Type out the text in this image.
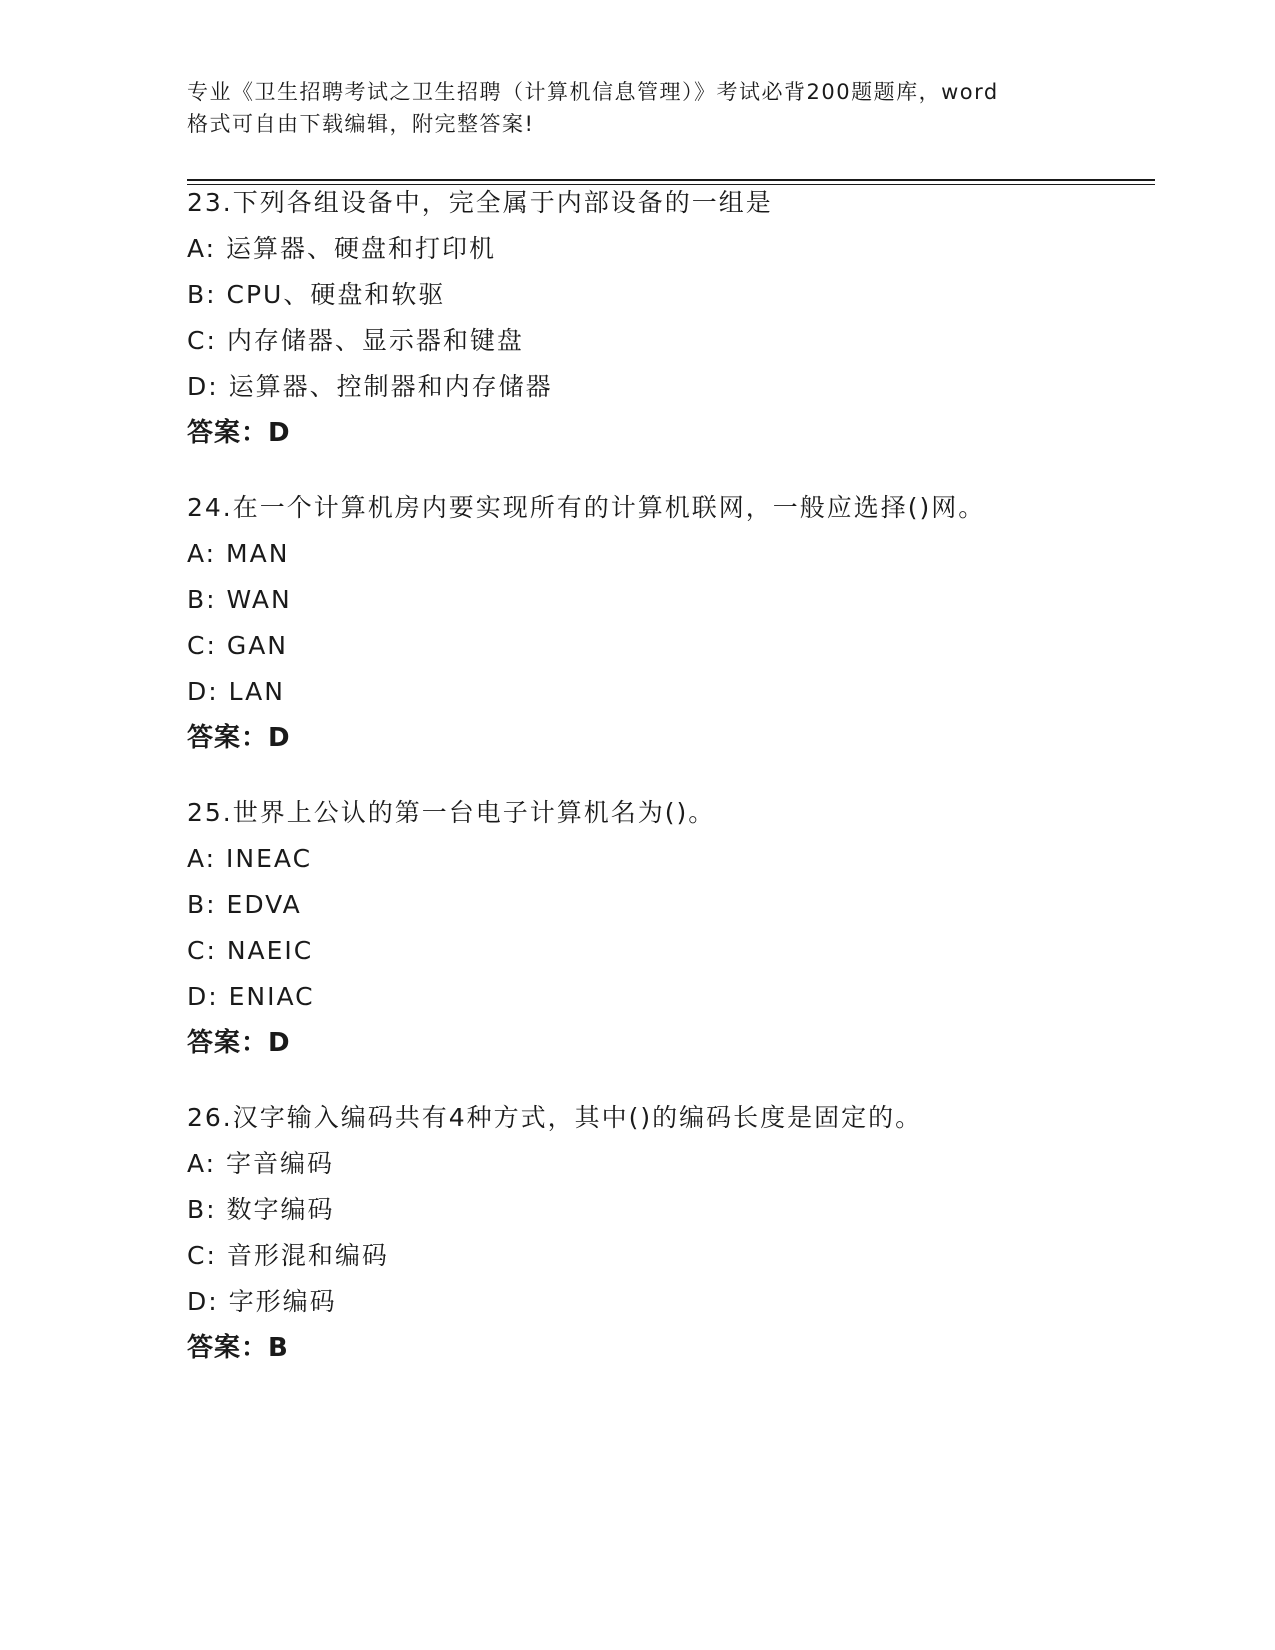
专业《卫生招聘考试之卫生招聘（计算机信息管理）》考试必背200题题库，word
格式可自由下载编辑，附完整答案!
23.下列各组设备中，完全属于内部设备的一组是
A: 运算器、硬盘和打印机
B: CPU、硬盘和软驱
C: 内存储器、显示器和键盘
D: 运算器、控制器和内存储器
答案：D
24.在一个计算机房内要实现所有的计算机联网，一般应选择()网。
A: MAN
B: WAN
C: GAN
D: LAN
答案：D
25.世界上公认的第一台电子计算机名为()。
A: INEAC
B: EDVA
C: NAEIC
D: ENIAC
答案：D
26.汉字输入编码共有4种方式，其中()的编码长度是固定的。
A: 字音编码
B: 数字编码
C: 音形混和编码
D: 字形编码
答案：B
